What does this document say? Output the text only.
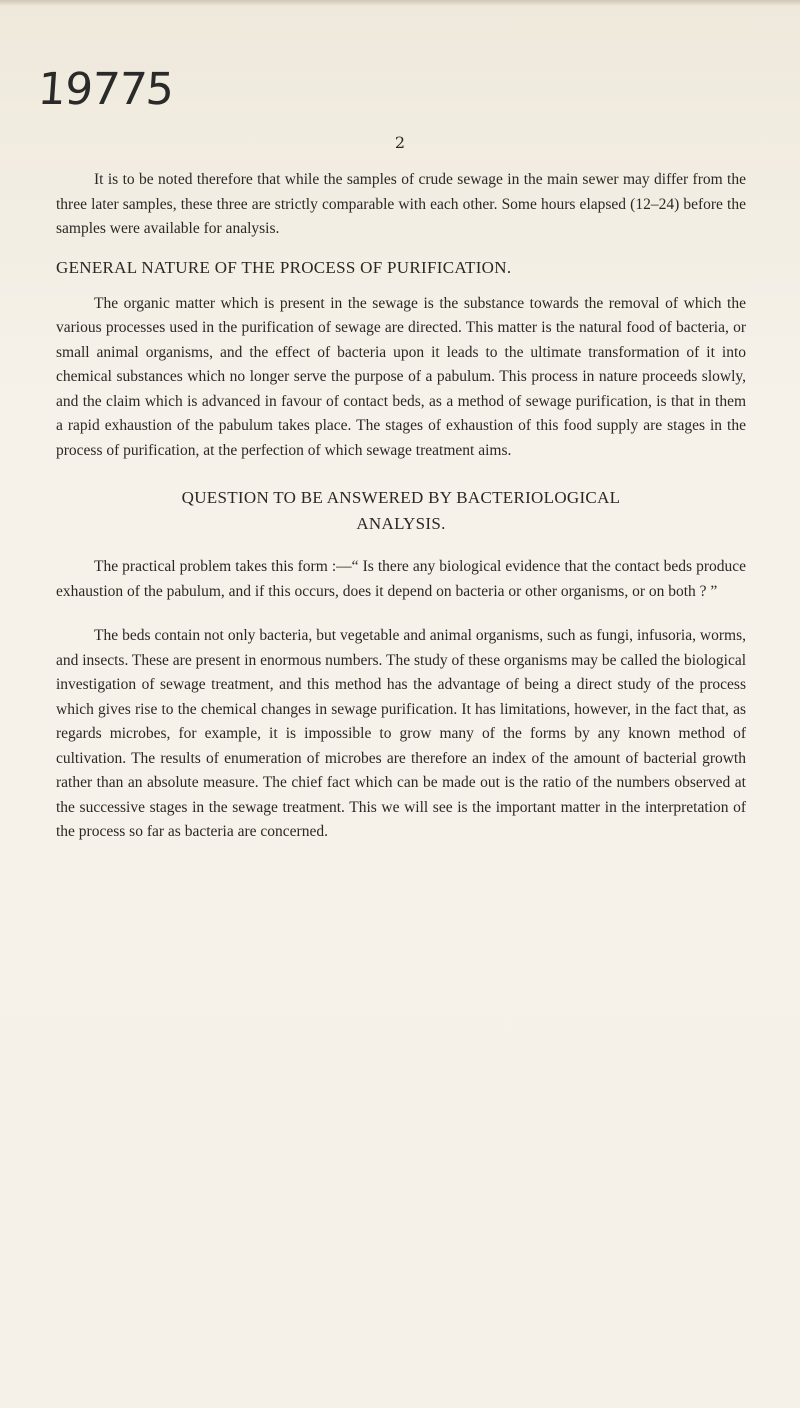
19775
2

It is to be noted therefore that while the samples of crude sewage in the main sewer may differ from the three later samples, these three are strictly comparable with each other. Some hours elapsed (12–24) before the samples were available for analysis.

GENERAL NATURE OF THE PROCESS OF PURIFICATION.

The organic matter which is present in the sewage is the substance towards the removal of which the various processes used in the purification of sewage are directed. This matter is the natural food of bacteria, or small animal organisms, and the effect of bacteria upon it leads to the ultimate transformation of it into chemical substances which no longer serve the purpose of a pabulum. This process in nature proceeds slowly, and the claim which is advanced in favour of contact beds, as a method of sewage purification, is that in them a rapid exhaustion of the pabulum takes place. The stages of exhaustion of this food supply are stages in the process of purification, at the perfection of which sewage treatment aims.

QUESTION TO BE ANSWERED BY BACTERIOLOGICAL
ANALYSIS.

The practical problem takes this form :—“ Is there any biological evidence that the contact beds produce exhaustion of the pabulum, and if this occurs, does it depend on bacteria or other organisms, or on both ? ”

The beds contain not only bacteria, but vegetable and animal organisms, such as fungi, infusoria, worms, and insects. These are present in enormous numbers. The study of these organisms may be called the biological investigation of sewage treatment, and this method has the advantage of being a direct study of the process which gives rise to the chemical changes in sewage purification. It has limitations, however, in the fact that, as regards microbes, for example, it is impossible to grow many of the forms by any known method of cultivation. The results of enumeration of microbes are therefore an index of the amount of bacterial growth rather than an absolute measure. The chief fact which can be made out is the ratio of the numbers observed at the successive stages in the sewage treatment. This we will see is the important matter in the interpretation of the process so far as bacteria are concerned.
